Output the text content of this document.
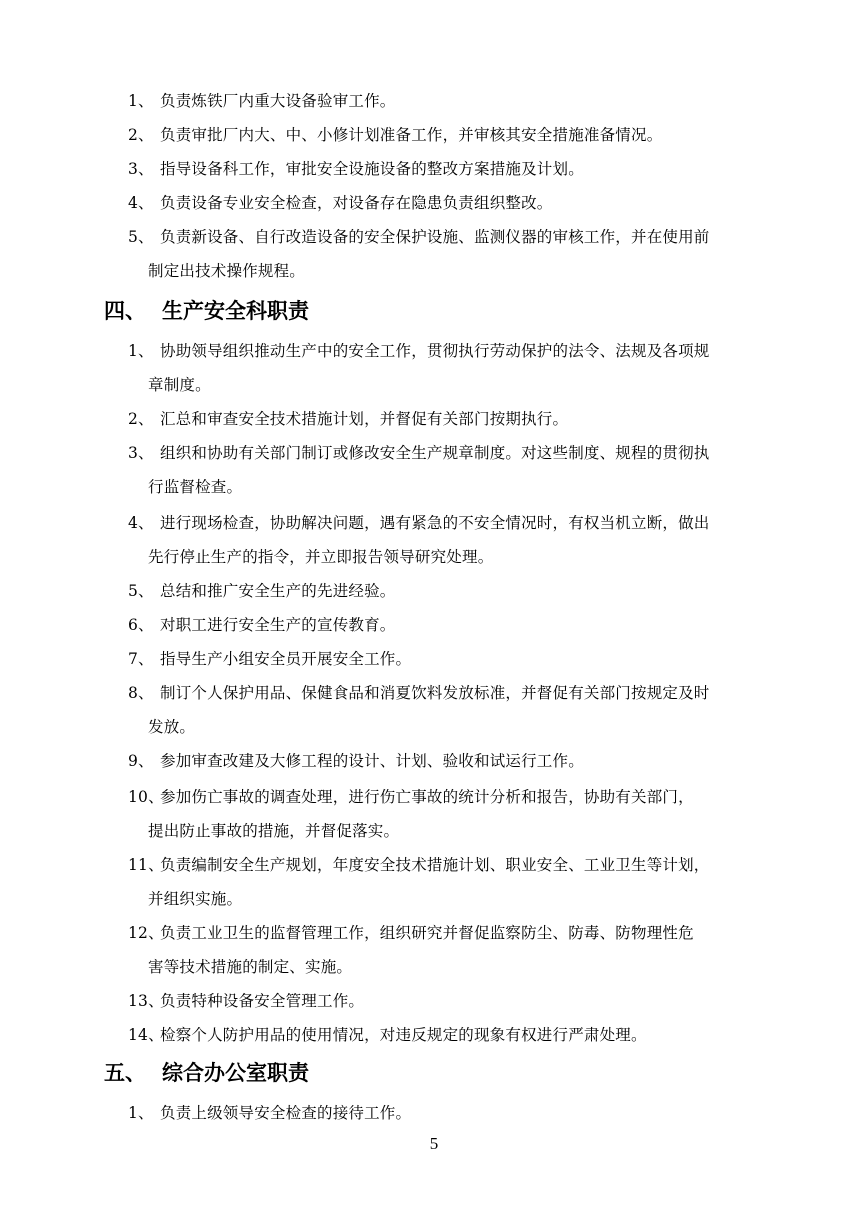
1、 负责炼铁厂内重大设备验审工作。
2、 负责审批厂内大、中、小修计划准备工作，并审核其安全措施准备情况。
3、 指导设备科工作，审批安全设施设备的整改方案措施及计划。
4、 负责设备专业安全检查，对设备存在隐患负责组织整改。
5、 负责新设备、自行改造设备的安全保护设施、监测仪器的审核工作，并在使用前
制定出技术操作规程。
四、 生产安全科职责
1、 协助领导组织推动生产中的安全工作，贯彻执行劳动保护的法令、法规及各项规
章制度。
2、 汇总和审查安全技术措施计划，并督促有关部门按期执行。
3、 组织和协助有关部门制订或修改安全生产规章制度。对这些制度、规程的贯彻执
行监督检查。
4、 进行现场检查，协助解决问题，遇有紧急的不安全情况时，有权当机立断，做出
先行停止生产的指令，并立即报告领导研究处理。
5、 总结和推广安全生产的先进经验。
6、 对职工进行安全生产的宣传教育。
7、 指导生产小组安全员开展安全工作。
8、 制订个人保护用品、保健食品和消夏饮料发放标准，并督促有关部门按规定及时
发放。
9、 参加审查改建及大修工程的设计、计划、验收和试运行工作。
10、参加伤亡事故的调查处理，进行伤亡事故的统计分析和报告，协助有关部门，
提出防止事故的措施，并督促落实。
11、负责编制安全生产规划，年度安全技术措施计划、职业安全、工业卫生等计划，
并组织实施。
12、负责工业卫生的监督管理工作，组织研究并督促监察防尘、防毒、防物理性危
害等技术措施的制定、实施。
13、负责特种设备安全管理工作。
14、检察个人防护用品的使用情况，对违反规定的现象有权进行严肃处理。
五、 综合办公室职责
1、 负责上级领导安全检查的接待工作。
5
